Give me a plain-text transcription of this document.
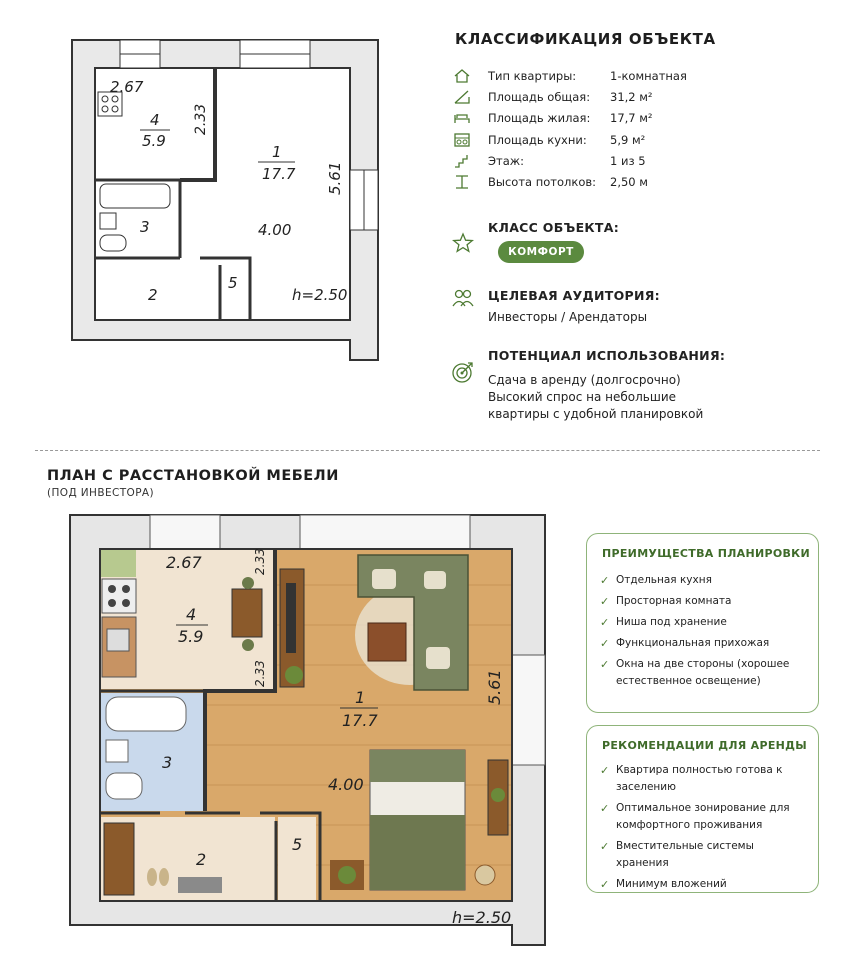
2.67
2.33
4
5.9
1
17.7 5.61
4.00
3
2
5
h=2.50
КЛАССИФИКАЦИЯ ОБЪЕКТА
Тип квартиры:	1-комнатная
Площадь общая: 31,2 м²
Площадь жилая: 17,7 м²
Площадь кухни: 5,9 м²
Этаж:	1 из 5
Высота потолков: 2,50 м
КЛАСС ОБЪЕКТА:
КОМФОРТ
ЦЕЛЕВАЯ АУДИТОРИЯ:
Инвесторы / Арендаторы
ПОТЕНЦИАЛ ИСПОЛЬЗОВАНИЯ:
Сдача в аренду (долгосрочно)
Высокий спрос на небольшие
квартиры с удобной планировкой
ПЛАН С РАССТАНОВКОЙ МЕБЕЛИ
(ПОД ИНВЕСТОРА)
2.67	2.33
2.33
4
5.9
1
17.7
5.61
4.00
3
2
5
h=2.50
ПРЕИМУЩЕСТВА ПЛАНИРОВКИ
✓ Отдельная кухня
✓ Просторная комната
✓ Ниша под хранение
✓ Функциональная прихожая
✓ Окна на две стороны (хорошее естественное освещение)
РЕКОМЕНДАЦИИ ДЛЯ АРЕНДЫ
✓ Квартира полностью готова к заселению
✓ Оптимальное зонирование для комфортного проживания
✓ Вместительные системы хранения
✓ Минимум вложений
